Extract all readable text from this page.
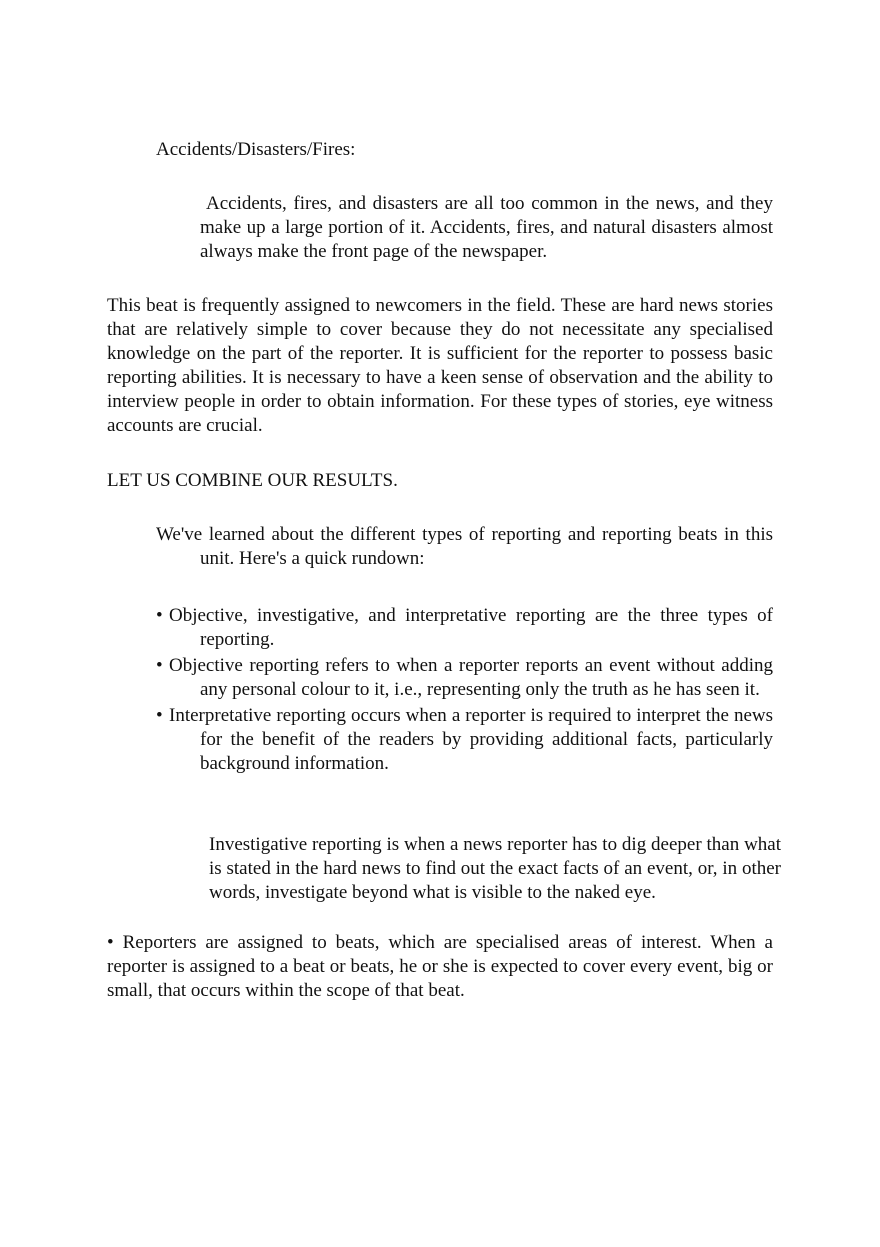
Accidents/Disasters/Fires:

Accidents, fires, and disasters are all too common in the news, and they make up a large portion of it. Accidents, fires, and natural disasters almost always make the front page of the newspaper.

This beat is frequently assigned to newcomers in the field. These are hard news stories that are relatively simple to cover because they do not necessitate any specialised knowledge on the part of the reporter. It is sufficient for the reporter to possess basic reporting abilities. It is necessary to have a keen sense of observation and the ability to interview people in order to obtain information. For these types of stories, eye witness accounts are crucial.

LET US COMBINE OUR RESULTS.

We've learned about the different types of reporting and reporting beats in this unit. Here's a quick rundown:

• Objective, investigative, and interpretative reporting are the three types of reporting.
• Objective reporting refers to when a reporter reports an event without adding any personal colour to it, i.e., representing only the truth as he has seen it.
• Interpretative reporting occurs when a reporter is required to interpret the news for the benefit of the readers by providing additional facts, particularly background information.

Investigative reporting is when a news reporter has to dig deeper than what is stated in the hard news to find out the exact facts of an event, or, in other words, investigate beyond what is visible to the naked eye.

• Reporters are assigned to beats, which are specialised areas of interest. When a reporter is assigned to a beat or beats, he or she is expected to cover every event, big or small, that occurs within the scope of that beat.
